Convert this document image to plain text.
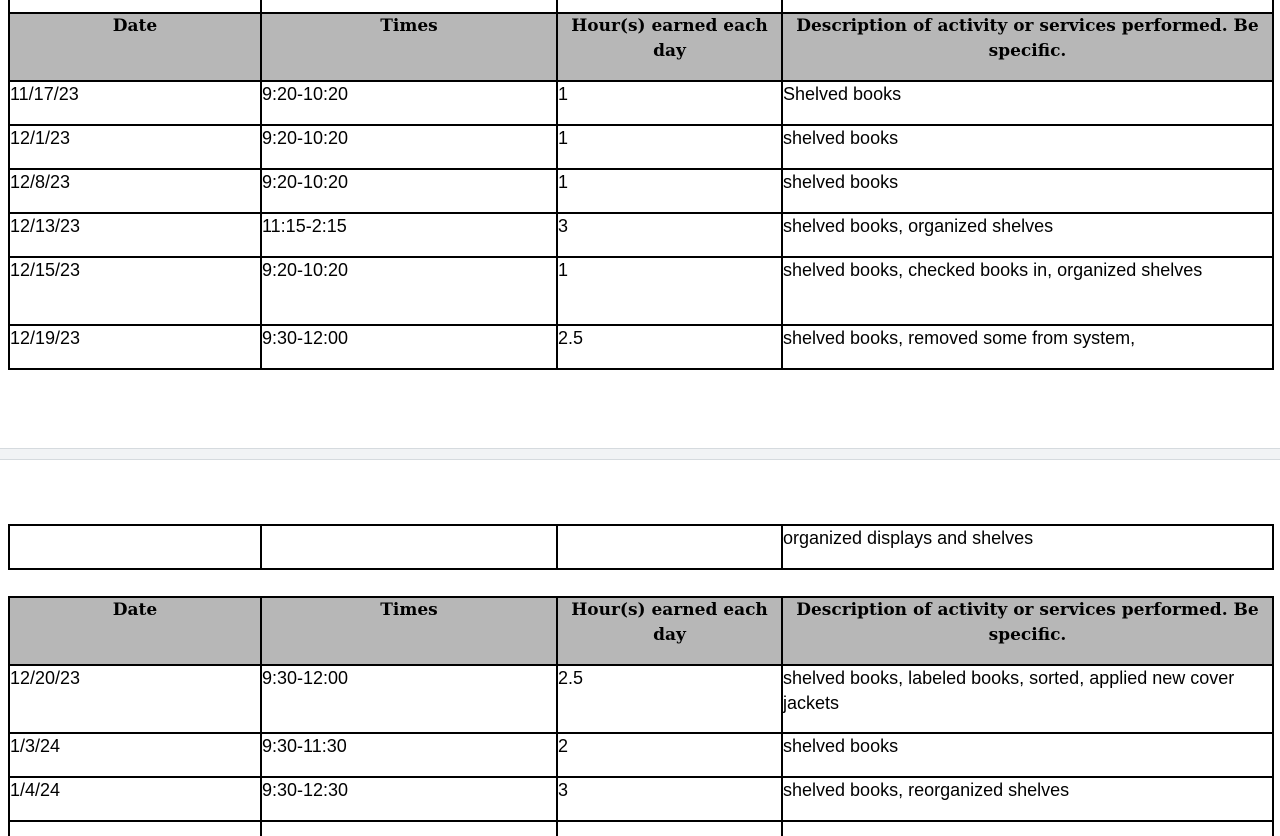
Date	Times	Hour(s) earned each day	Description of activity or services performed. Be specific.
11/17/23	9:20-10:20	1	Shelved books
12/1/23	9:20-10:20	1	shelved books
12/8/23	9:20-10:20	1	shelved books
12/13/23	11:15-2:15	3	shelved books, organized shelves
12/15/23	9:20-10:20	1	shelved books, checked books in, organized shelves
12/19/23	9:30-12:00	2.5	shelved books, removed some from system,
			organized displays and shelves
Date	Times	Hour(s) earned each day	Description of activity or services performed. Be specific.
12/20/23	9:30-12:00	2.5	shelved books, labeled books, sorted, applied new cover jackets
1/3/24	9:30-11:30	2	shelved books
1/4/24	9:30-12:30	3	shelved books, reorganized shelves
